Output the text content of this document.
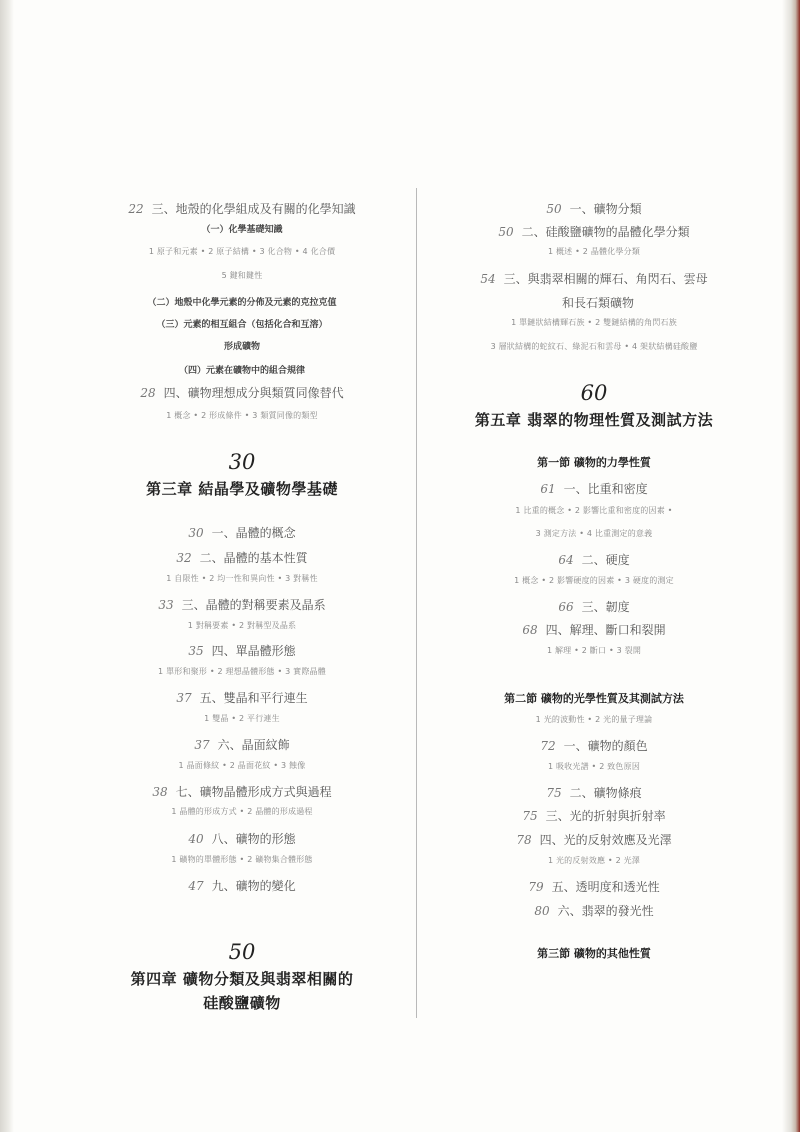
22 三、地殼的化學組成及有關的化學知識
（一）化學基礎知識
1 原子和元素 • 2 原子結構 • 3 化合物 • 4 化合價
5 鍵和鍵性
（二）地殼中化學元素的分佈及元素的克拉克值
（三）元素的相互組合（包括化合和互溶）
形成礦物
（四）元素在礦物中的組合規律
28 四、礦物理想成分與類質同像替代
1 概念 • 2 形成條件 • 3 類質同像的類型
30
第三章 結晶學及礦物學基礎
30 一、晶體的概念
32 二、晶體的基本性質
1 自限性 • 2 均一性和異向性 • 3 對稱性
33 三、晶體的對稱要素及晶系
1 對稱要素 • 2 對稱型及晶系
35 四、單晶體形態
1 單形和聚形 • 2 理想晶體形態 • 3 實際晶體
37 五、雙晶和平行連生
1 雙晶 • 2 平行連生
37 六、晶面紋飾
1 晶面條紋 • 2 晶面花紋 • 3 蝕像
38 七、礦物晶體形成方式與過程
1 晶體的形成方式 • 2 晶體的形成過程
40 八、礦物的形態
1 礦物的單體形態 • 2 礦物集合體形態
47 九、礦物的變化
50
第四章 礦物分類及與翡翠相關的
硅酸鹽礦物
50 一、礦物分類
50 二、硅酸鹽礦物的晶體化學分類
1 概述 • 2 晶體化學分類
54 三、與翡翠相關的輝石、角閃石、雲母
和長石類礦物
1 單鏈狀結構輝石族 • 2 雙鏈結構的角閃石族
3 層狀結構的蛇紋石、綠泥石和雲母 • 4 架狀結構硅酸鹽
60
第五章 翡翠的物理性質及測試方法
第一節 礦物的力學性質
61 一、比重和密度
1 比重的概念 • 2 影響比重和密度的因素 •
3 測定方法 • 4 比重測定的意義
64 二、硬度
1 概念 • 2 影響硬度的因素 • 3 硬度的測定
66 三、韌度
68 四、解理、斷口和裂開
1 解理 • 2 斷口 • 3 裂開
第二節 礦物的光學性質及其測試方法
1 光的波動性 • 2 光的量子理論
72 一、礦物的顏色
1 吸收光譜 • 2 致色原因
75 二、礦物條痕
75 三、光的折射與折射率
78 四、光的反射效應及光澤
1 光的反射效應 • 2 光澤
79 五、透明度和透光性
80 六、翡翠的發光性
第三節 礦物的其他性質
